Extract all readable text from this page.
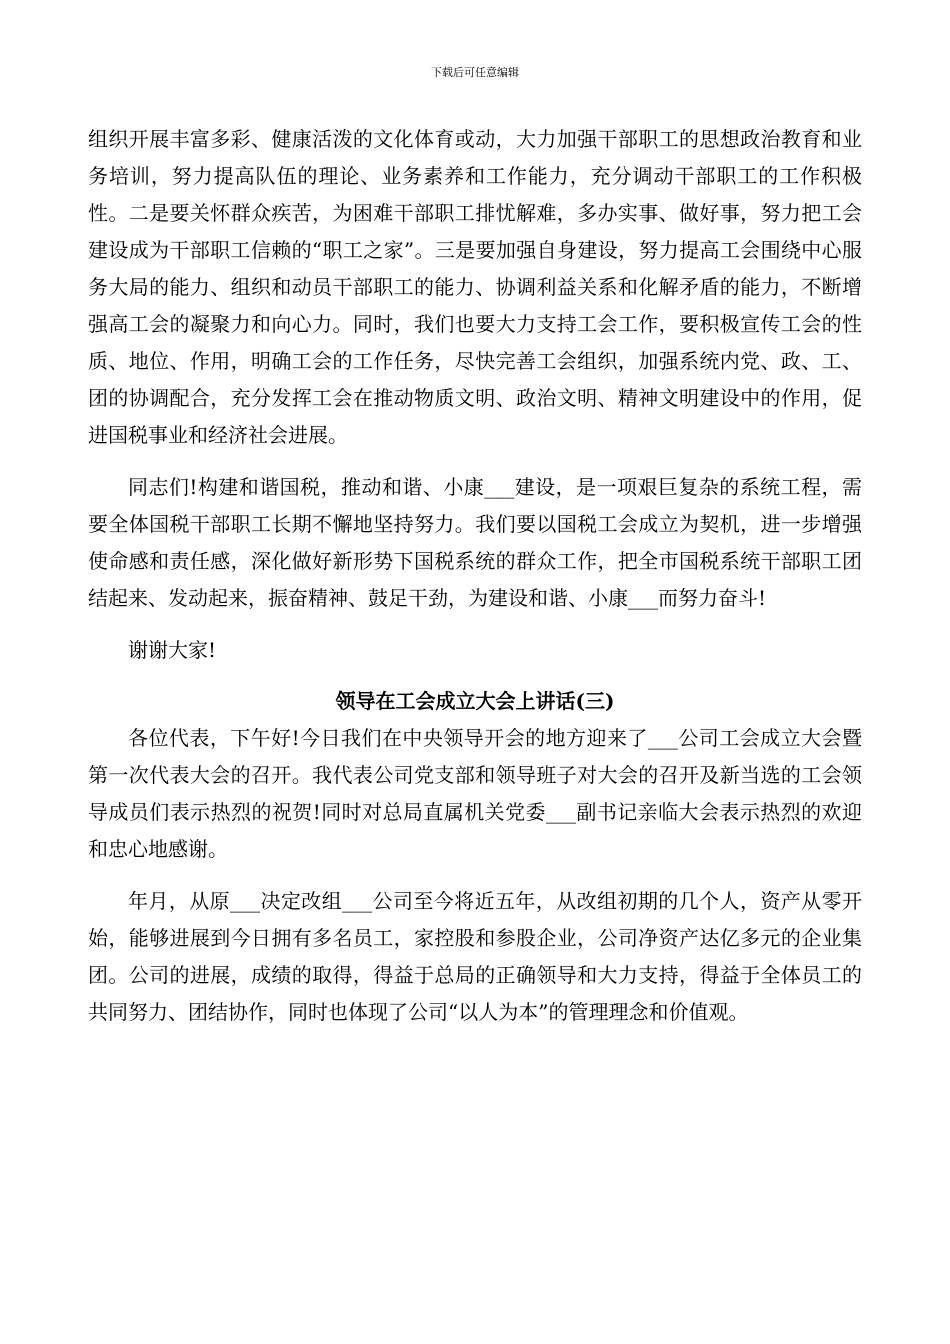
下载后可任意编辑

组织开展丰富多彩、健康活泼的文化体育或动，大力加强干部职工的思想政治教育和业务培训，努力提高队伍的理论、业务素养和工作能力，充分调动干部职工的工作积极性。二是要关怀群众疾苦，为困难干部职工排忧解难，多办实事、做好事，努力把工会建设成为干部职工信赖的“职工之家”。三是要加强自身建设，努力提高工会围绕中心服务大局的能力、组织和动员干部职工的能力、协调利益关系和化解矛盾的能力，不断增强高工会的凝聚力和向心力。同时，我们也要大力支持工会工作，要积极宣传工会的性质、地位、作用，明确工会的工作任务，尽快完善工会组织，加强系统内党、政、工、团的协调配合，充分发挥工会在推动物质文明、政治文明、精神文明建设中的作用，促进国税事业和经济社会进展。

同志们!构建和谐国税，推动和谐、小康___建设，是一项艰巨复杂的系统工程，需要全体国税干部职工长期不懈地坚持努力。我们要以国税工会成立为契机，进一步增强使命感和责任感，深化做好新形势下国税系统的群众工作，把全市国税系统干部职工团结起来、发动起来，振奋精神、鼓足干劲，为建设和谐、小康___而努力奋斗!

谢谢大家!

领导在工会成立大会上讲话(三)

各位代表，下午好!今日我们在中央领导开会的地方迎来了___公司工会成立大会暨第一次代表大会的召开。我代表公司党支部和领导班子对大会的召开及新当选的工会领导成员们表示热烈的祝贺!同时对总局直属机关党委___副书记亲临大会表示热烈的欢迎和忠心地感谢。

年月，从原___决定改组___公司至今将近五年，从改组初期的几个人，资产从零开始，能够进展到今日拥有多名员工，家控股和参股企业，公司净资产达亿多元的企业集团。公司的进展，成绩的取得，得益于总局的正确领导和大力支持，得益于全体员工的共同努力、团结协作，同时也体现了公司“以人为本”的管理理念和价值观。
